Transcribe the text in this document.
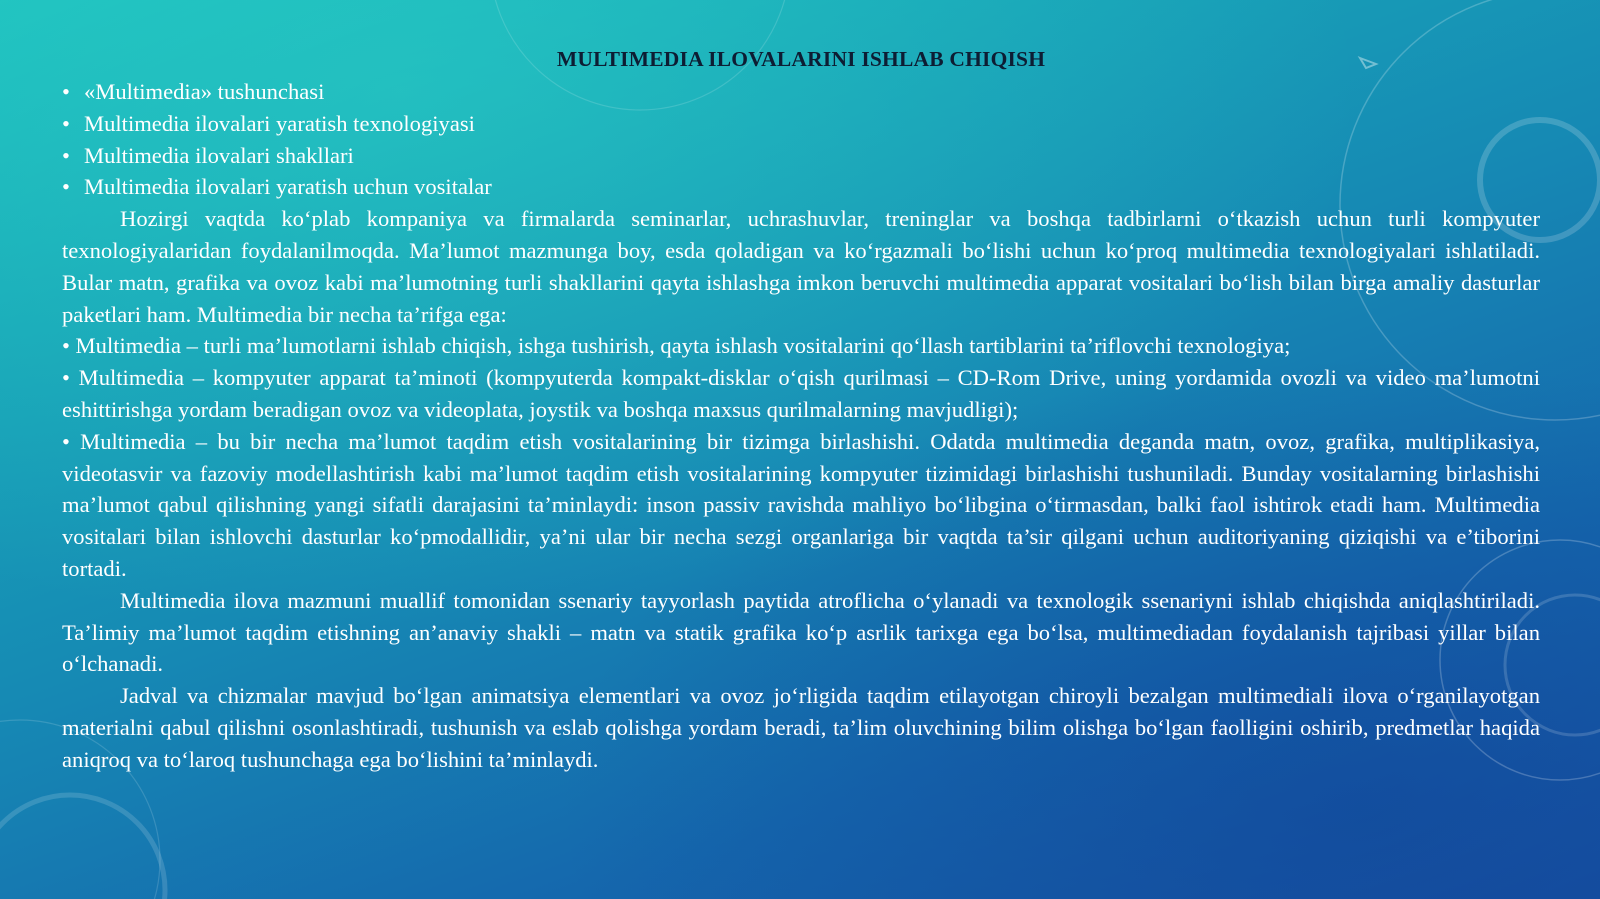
MULTIMEDIA ILOVALARINI ISHLAB CHIQISH
• «Multimedia» tushunchasi
• Multimedia ilovalari yaratish texnologiyasi
• Multimedia ilovalari shakllari
• Multimedia ilovalari yaratish uchun vositalar

Hozirgi vaqtda ko‘plab kompaniya va firmalarda seminarlar, uchrashuvlar, treninglar va boshqa tadbirlarni o‘tkazish uchun turli kompyuter texnologiyalaridan foydalanilmoqda. Ma’lumot mazmunga boy, esda qoladigan va ko‘rgazmali bo‘lishi uchun ko‘proq multimedia texnologiyalari ishlatiladi. Bular matn, grafika va ovoz kabi ma’lumotning turli shakllarini qayta ishlashga imkon beruvchi multimedia apparat vositalari bo‘lish bilan birga amaliy dasturlar paketlari ham. Multimedia bir necha ta’rifga ega:

• Multimedia – turli ma’lumotlarni ishlab chiqish, ishga tushirish, qayta ishlash vositalarini qo‘llash tartiblarini ta’riflovchi texnologiya;

• Multimedia – kompyuter apparat ta’minoti (kompyuterda kompakt-disklar o‘qish qurilmasi – CD-Rom Drive, uning yordamida ovozli va video ma’lumotni eshittirishga yordam beradigan ovoz va videoplata, joystik va boshqa maxsus qurilmalarning mavjudligi);

• Multimedia – bu bir necha ma’lumot taqdim etish vositalarining bir tizimga birlashishi. Odatda multimedia deganda matn, ovoz, grafika, multiplikasiya, videotasvir va fazoviy modellashtirish kabi ma’lumot taqdim etish vositalarining kompyuter tizimidagi birlashishi tushuniladi. Bunday vositalarning birlashishi ma’lumot qabul qilishning yangi sifatli darajasini ta’minlaydi: inson passiv ravishda mahliyo bo‘libgina o‘tirmasdan, balki faol ishtirok etadi ham. Multimedia vositalari bilan ishlovchi dasturlar ko‘pmodallidir, ya’ni ular bir necha sezgi organlariga bir vaqtda ta’sir qilgani uchun auditoriyaning qiziqishi va e’tiborini tortadi.

Multimedia ilova mazmuni muallif tomonidan ssenariy tayyorlash paytida atroflicha o‘ylanadi va texnologik ssenariyni ishlab chiqishda aniqlashtiriladi. Ta’limiy ma’lumot taqdim etishning an’anaviy shakli – matn va statik grafika ko‘p asrlik tarixga ega bo‘lsa, multimediadan foydalanish tajribasi yillar bilan o‘lchanadi.

Jadval va chizmalar mavjud bo‘lgan animatsiya elementlari va ovoz jo‘rligida taqdim etilayotgan chiroyli bezalgan multimediali ilova o‘rganilayotgan materialni qabul qilishni osonlashtiradi, tushunish va eslab qolishga yordam beradi, ta’lim oluvchining bilim olishga bo‘lgan faolligini oshirib, predmetlar haqida aniqroq va to‘laroq tushunchaga ega bo‘lishini ta’minlaydi.
